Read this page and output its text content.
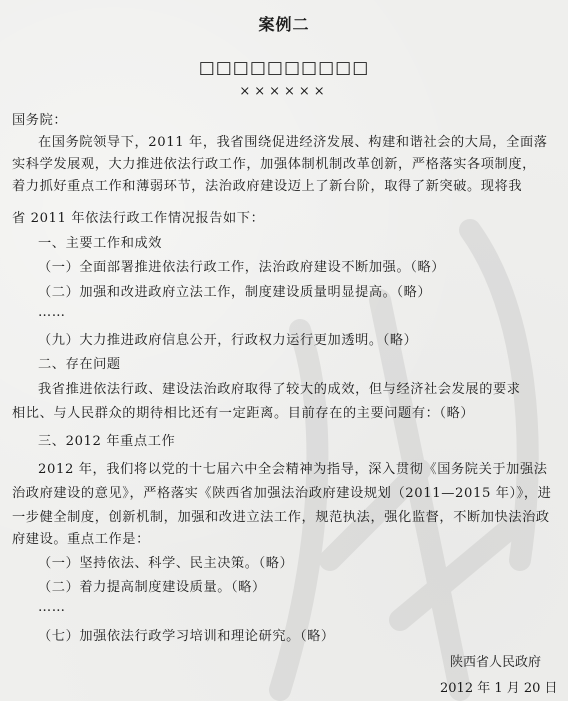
案例二
□□□□□□□□□□
××××××
国务院：
在国务院领导下，2011 年，我省围绕促进经济发展、构建和谐社会的大局，全面落
实科学发展观，大力推进依法行政工作，加强体制机制改革创新，严格落实各项制度，
着力抓好重点工作和薄弱环节，法治政府建设迈上了新台阶，取得了新突破。现将我
省 2011 年依法行政工作情况报告如下：
一、主要工作和成效
（一）全面部署推进依法行政工作，法治政府建设不断加强。（略）
（二）加强和改进政府立法工作，制度建设质量明显提高。（略）
……
（九）大力推进政府信息公开，行政权力运行更加透明。（略）
二、存在问题
我省推进依法行政、建设法治政府取得了较大的成效，但与经济社会发展的要求
相比、与人民群众的期待相比还有一定距离。目前存在的主要问题有：（略）
三、2012 年重点工作
2012 年，我们将以党的十七届六中全会精神为指导，深入贯彻《国务院关于加强法
治政府建设的意见》，严格落实《陕西省加强法治政府建设规划（2011—2015 年）》，进
一步健全制度，创新机制，加强和改进立法工作，规范执法，强化监督，不断加快法治政
府建设。重点工作是：
（一）坚持依法、科学、民主决策。（略）
（二）着力提高制度建设质量。（略）
……
（七）加强依法行政学习培训和理论研究。（略）
陕西省人民政府
2012 年 1 月 20 日
